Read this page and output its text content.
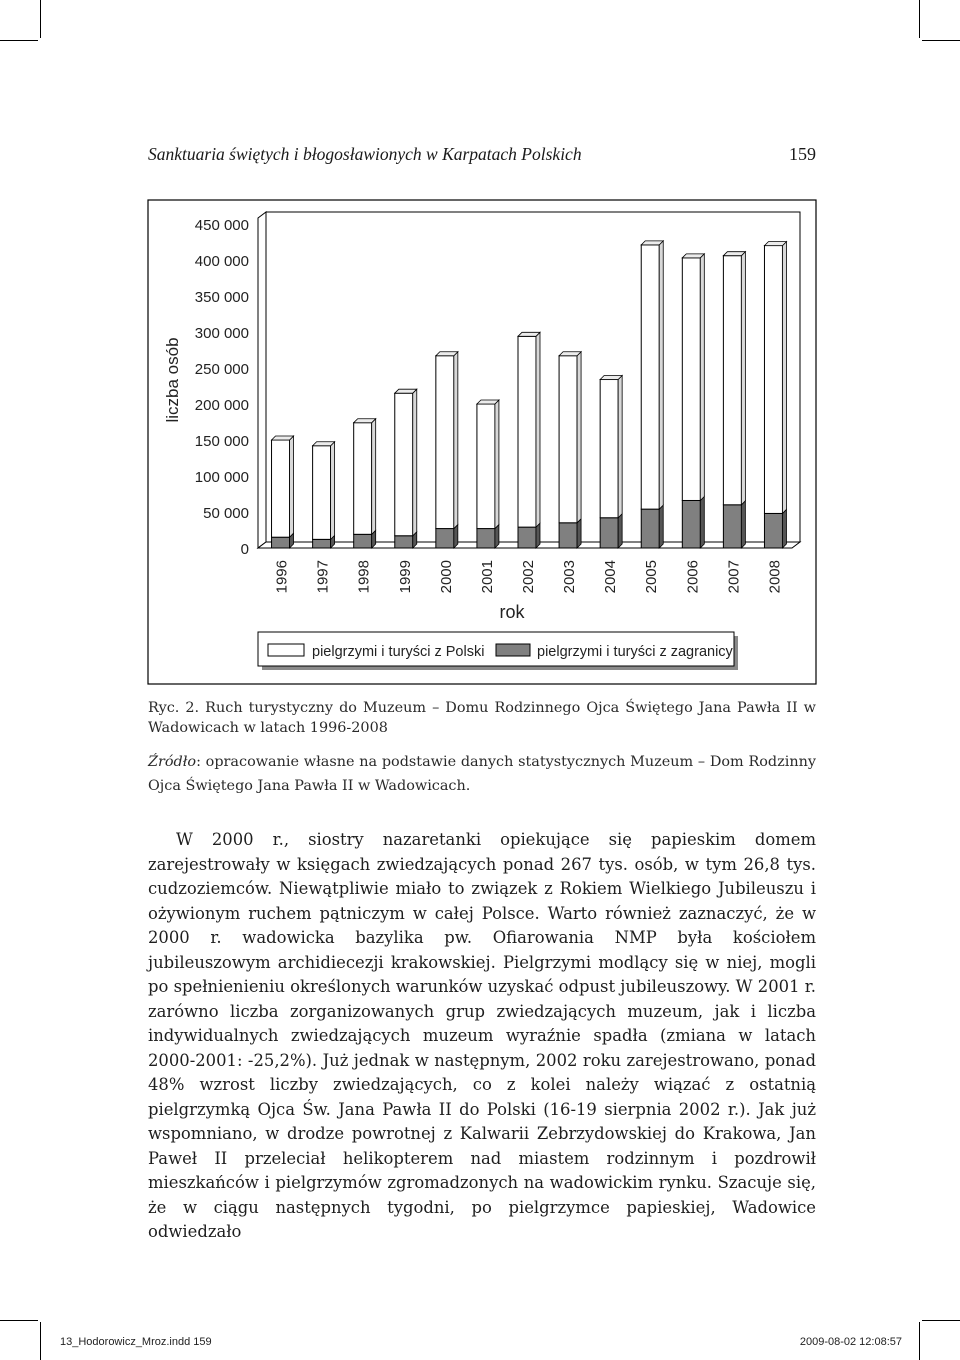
Sanktuaria świętych i błogosławionych w Karpatach Polskich	159
liczba osób
0
50 000
100 000
150 000
200 000
250 000
300 000
350 000
400 000
450 000
1996 1997 1998 1999 2000 2001 2002 2003 2004 2005 2006 2007 2008
rok
pielgrzymi i turyści z Polski	pielgrzymi i turyści z zagranicy

Ryc. 2. Ruch turystyczny do Muzeum – Domu Rodzinnego Ojca Świętego Jana Pawła II w Wadowicach w latach 1996-2008

Źródło: opracowanie własne na podstawie danych statystycznych Muzeum – Dom Rodzinny Ojca Świętego Jana Pawła II w Wadowicach.

W 2000 r., siostry nazaretanki opiekujące się papieskim domem zarejestrowały w księgach zwiedzających ponad 267 tys. osób, w tym 26,8 tys. cudzoziemców. Niewątpliwie miało to związek z Rokiem Wielkiego Jubileuszu i ożywionym ruchem pątniczym w całej Polsce. Warto również zaznaczyć, że w 2000 r. wadowicka bazylika pw. Ofiarowania NMP była kościołem jubileuszowym archidiecezji krakowskiej. Pielgrzymi modlący się w niej, mogli po spełnienieniu określonych warunków uzyskać odpust jubileuszowy. W 2001 r. zarówno liczba zorganizowanych grup zwiedzających muzeum, jak i liczba indywidualnych zwiedzających muzeum wyraźnie spadła (zmiana w latach 2000-2001: -25,2%). Już jednak w następnym, 2002 roku zarejestrowano, ponad 48% wzrost liczby zwiedzających, co z kolei należy wiązać z ostatnią pielgrzymką Ojca Św. Jana Pawła II do Polski (16-19 sierpnia 2002 r.). Jak już wspomniano, w drodze powrotnej z Kalwarii Zebrzydowskiej do Krakowa, Jan Paweł II przeleciał helikopterem nad miastem rodzinnym i pozdrowił mieszkańców i pielgrzymów zgromadzonych na wadowickim rynku. Szacuje się, że w ciągu następnych tygodni, po pielgrzymce papieskiej, Wadowice odwiedzało

13_Hodorowicz_Mroz.indd 159	2009-08-02 12:08:57
